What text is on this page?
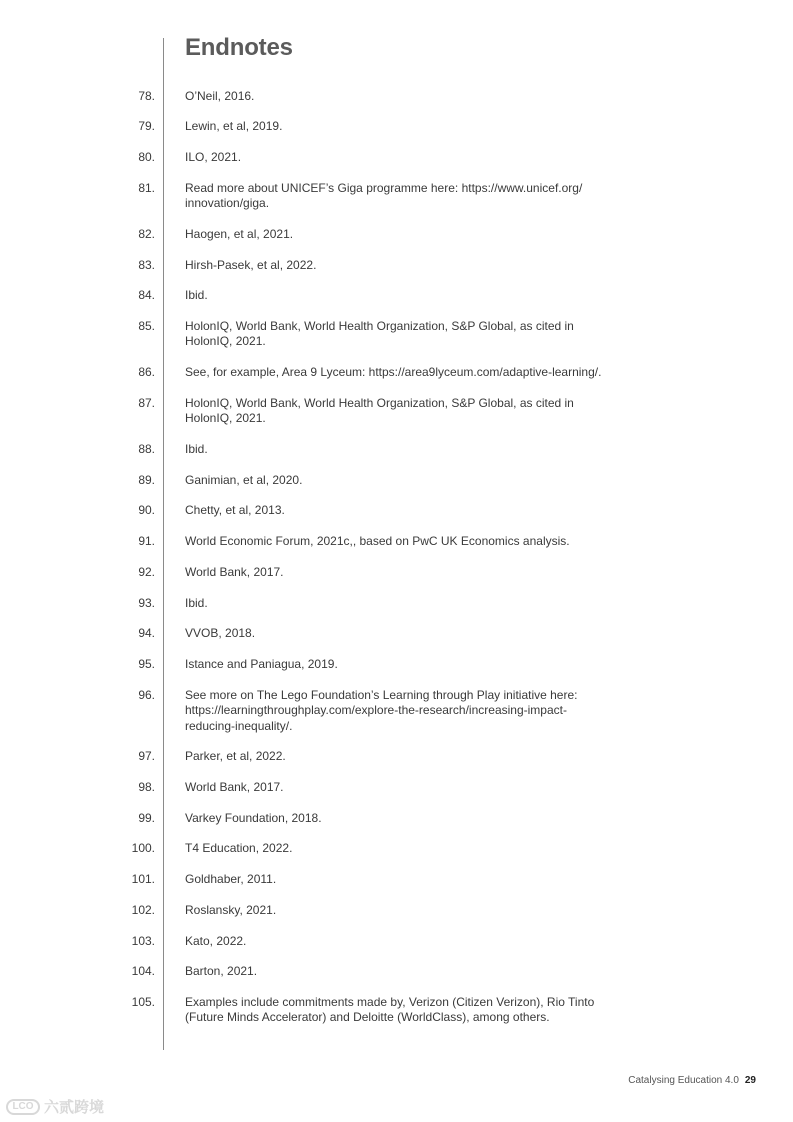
Endnotes
78.	O’Neil, 2016.
79.	Lewin, et al, 2019.
80.	ILO, 2021.
81.	Read more about UNICEF’s Giga programme here: https://www.unicef.org/
innovation/giga.
82.	Haogen, et al, 2021.
83.	Hirsh-Pasek, et al, 2022.
84.	Ibid.
85.	HolonIQ, World Bank, World Health Organization, S&P Global, as cited in
HolonIQ, 2021.
86.	See, for example, Area 9 Lyceum: https://area9lyceum.com/adaptive-learning/.
87.	HolonIQ, World Bank, World Health Organization, S&P Global, as cited in
HolonIQ, 2021.
88.	Ibid.
89.	Ganimian, et al, 2020.
90.	Chetty, et al, 2013.
91.	World Economic Forum, 2021c,, based on PwC UK Economics analysis.
92.	World Bank, 2017.
93.	Ibid.
94.	VVOB, 2018.
95.	Istance and Paniagua, 2019.
96.	See more on The Lego Foundation’s Learning through Play initiative here:
https://learningthroughplay.com/explore-the-research/increasing-impact-
reducing-inequality/.
97.	Parker, et al, 2022.
98.	World Bank, 2017.
99.	Varkey Foundation, 2018.
100.	T4 Education, 2022.
101.	Goldhaber, 2011.
102.	Roslansky, 2021.
103.	Kato, 2022.
104.	Barton, 2021.
105.	Examples include commitments made by, Verizon (Citizen Verizon), Rio Tinto
(Future Minds Accelerator) and Deloitte (WorldClass), among others.
Catalysing Education 4.0 29
LCO 六贰跨境
